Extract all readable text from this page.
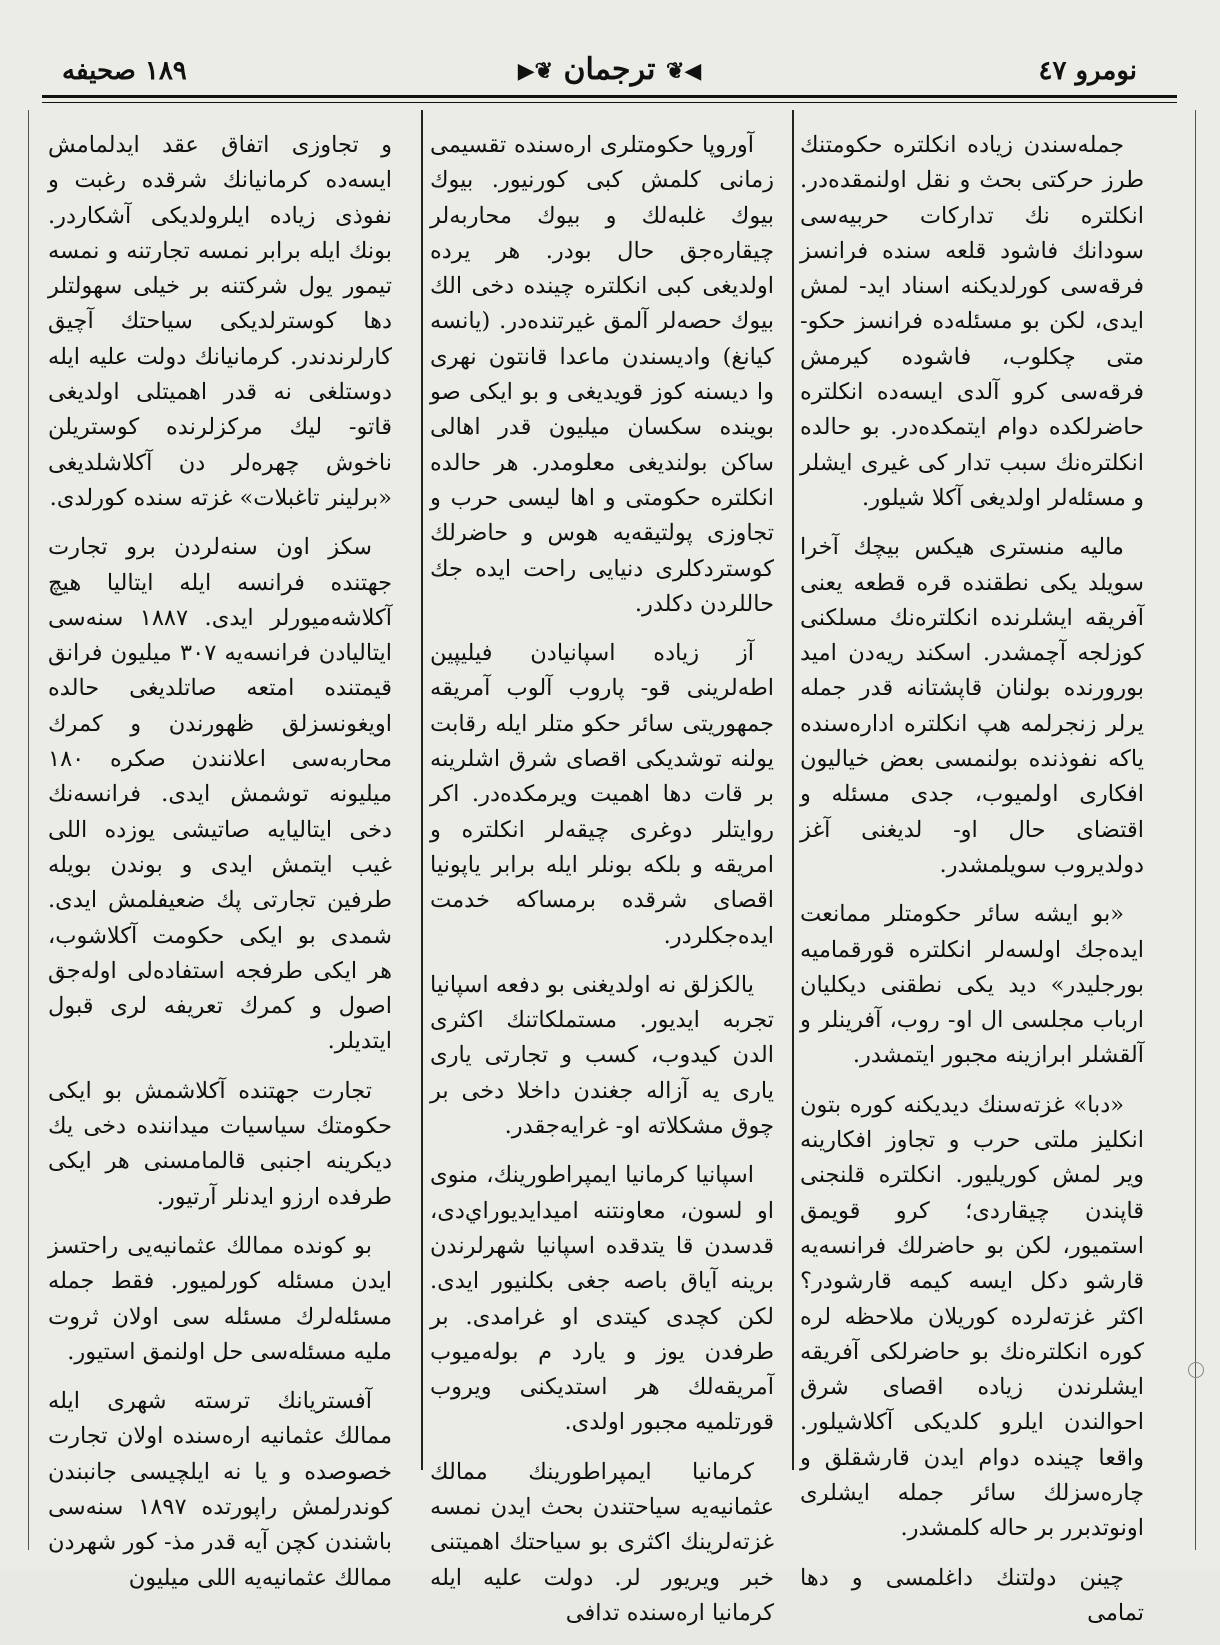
١٨٩ صحيفه	◀❦ ترجمان ❦▶	نومرو ٤٧

جمله‌سندن زياده انكلتره حكومتنك طرز حركتى بحث و نقل اولنمقده‌در. انكلتره نك تداركات حربيه‌سى سودانك فاشود قلعه سنده فرانسز فرقه‌سى كورلديكنه اسناد ايد- لمش ايدى، لكن بو مسئله‌ده فرانسز حكو- متى چكلوب، فاشوده كيرمش فرقه‌سى كرو آلدى ايسه‌ده انكلتره حاضرلكده دوام ايتمكده‌در. بو حالده انكلتره‌نك سبب تدار كى غيرى ايشلر و مسئله‌لر اولديغى آكلا شيلور.

ماليه منسترى هيكس بيچك آخرا سويلد يكى نطقنده قره قطعه يعنى آفريقه ايشلرنده انكلتره‌نك مسلكنى كوزلجه آچمشدر. اسكند ريه‌دن اميد بورورنده بولنان قاپشتانه قدر جمله يرلر زنجرلمه هپ انكلتره اداره‌سنده ياكه نفوذنده بولنمسى بعض خياليون افكارى اولميوب، جدى مسئله و اقتضاى حال او- لديغنى آغز دولديروب سويلمشدر.

«بو ايشه سائر حكومتلر ممانعت ايده‌جك اولسه‌لر انكلتره قورقماميه بورجليدر» ديد يكى نطقنى ديكليان ارباب مجلسى ال او- روب، آفرينلر و آلقشلر ابرازينه مجبور ايتمشدر.

«دبا» غزته‌سنك ديديكنه كوره بتون انكليز ملتى حرب و تجاوز افكارينه وير لمش كوريليور. انكلتره قلنجنى قاپندن چيقاردى؛ كرو قويمق استميور، لكن بو حاضرلك فرانسه‌يه قارشو دكل ايسه كيمه قارشودر؟ اكثر غزته‌لرده كوريلان ملاحظه لره كوره انكلتره‌نك بو حاضرلكى آفريقه ايشلرندن زياده اقصاى شرق احوالندن ايلرو كلديكى آكلاشيلور. واقعا چينده دوام ايدن قارشقلق و چاره‌سزلك سائر جمله ايشلرى اونوتدبرر بر حاله كلمشدر.

چينن دولتنك داغلمسى و دها تمامى

آوروپا حكومتلرى اره‌سنده تقسيمى زمانى كلمش كبى كورنيور. بيوك بيوك غلبه‌لك و بيوك محاربه‌لر چيقاره‌جق حال بودر. هر يرده اولديغى كبى انكلتره چينده دخى الك بيوك حصه‌لر آلمق غيرتنده‌در. (يانسه كيانغ) واديسندن ماعدا قانتون نهرى وا ديسنه كوز قويديغى و بو ايكى صو بوينده سكسان ميليون قدر اهالى ساكن بولنديغى معلومدر. هر حالده انكلتره حكومتى و اها ليسى حرب و تجاوزى پولتيقه‌يه هوس و حاضرلك كوستردكلرى دنيايى راحت ايده جك حاللردن دكلدر.

آز زياده اسپانيادن فيليپين اطه‌لرينى قو- پاروب آلوب آمريقه جمهوريتى سائر حكو متلر ايله رقابت يولنه توشديكى اقصاى شرق اشلرينه بر قات دها اهميت ويرمكده‌در. اكر روايتلر دوغرى چيقه‌لر انكلتره و امريقه و بلكه بونلر ايله برابر ياپونيا اقصاى شرقده برمساكه خدمت ايده‌جكلردر.

يالكزلق نه اولديغنى بو دفعه اسپانيا تجربه ايديور. مستملكاتنك اكثرى الدن كيدوب، كسب و تجارتى يارى يارى يه آزاله جغندن داخلا دخى بر چوق مشكلاته او- غرايه‌جقدر.

اسپانيا كرمانيا ايمپراطورينك، منوى او لسون، معاونتنه اميدايديوراي‌دى، قدسدن قا يتدقده اسپانيا شهرلرندن برينه آياق باصه جغى بكلنيور ايدى. لكن كچدى كيتدى او غرامدى. بر طرفدن يوز و يارد م بوله‌ميوب آمريقه‌لك هر استديكنى ويروب قورتلميه مجبور اولدى.

كرمانيا ايمپراطورينك ممالك عثمانيه‌يه سياحتندن بحث ايدن نمسه غزته‌لرينك اكثرى بو سياحتك اهميتنى خبر ويريور لر. دولت عليه ايله كرمانيا اره‌سنده تدافى

و تجاوزى اتفاق عقد ايدلمامش ايسه‌ده كرمانيانك شرقده رغبت و نفوذى زياده ايلرولديكى آشكاردر. بونك ايله برابر نمسه تجارتنه و نمسه تيمور يول شركتنه بر خيلى سهولتلر دها كوسترلديكى سياحتك آچيق كارلرندندر. كرمانيانك دولت عليه ايله دوستلغى نه قدر اهميتلى اولديغى قاتو- ليك مركزلرنده كوستريلن ناخوش چهره‌لر دن آكلاشلديغى «برلينر تاغبلات» غزته سنده كورلدى.

سكز اون سنه‌لردن برو تجارت جهتنده فرانسه ايله ايتاليا هيچ آكلاشه‌ميورلر ايدى. ١٨٨٧ سنه‌سى ايتاليادن فرانسه‌يه ٣٠٧ ميليون فرانق قيمتنده امتعه صاتلديغى حالده اويغونسزلق ظهورندن و كمرك محاربه‌سى اعلانندن صكره ١٨٠ ميليونه توشمش ايدى. فرانسه‌نك دخى ايتاليايه صاتيشى يوزده اللى غيب ايتمش ايدى و بوندن بويله طرفين تجارتى پك ضعيفلمش ايدى. شمدى بو ايكى حكومت آكلاشوب، هر ايكى طرفجه استفاده‌لى اوله‌جق اصول و كمرك تعريفه لرى قبول ايتديلر.

تجارت جهتنده آكلاشمش بو ايكى حكومتك سياسيات ميداننده دخى يك ديكرينه اجنبى قالمامسنى هر ايكى طرفده ارزو ايدنلر آرتيور.

بو كونده ممالك عثمانيه‌يى راحتسز ايدن مسئله كورلميور. فقط جمله مسئله‌لرك مسئله سى اولان ثروت مليه مسئله‌سى حل اولنمق استيور.

آفستريانك ترسته شهرى ايله ممالك عثمانيه اره‌سنده اولان تجارت خصوصده و يا نه ايلچيسى جانبندن كوندرلمش راپورتده ١٨٩٧ سنه‌سى باشندن كچن آيه قدر مذ- كور شهردن ممالك عثمانيه‌يه اللى ميليون
